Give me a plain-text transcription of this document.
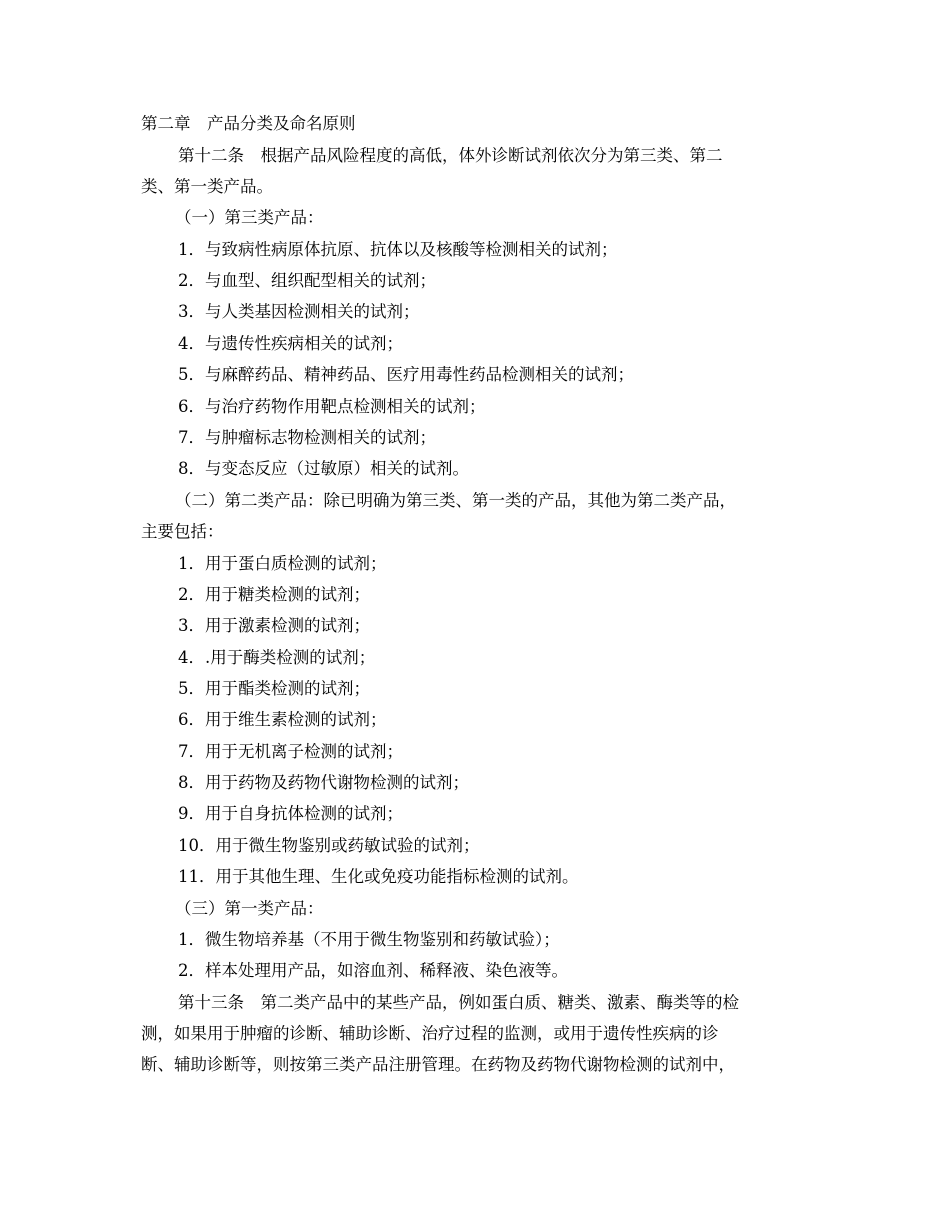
第二章　产品分类及命名原则
第十二条　根据产品风险程度的高低，体外诊断试剂依次分为第三类、第二
类、第一类产品。
（一）第三类产品：
1．与致病性病原体抗原、抗体以及核酸等检测相关的试剂；
2．与血型、组织配型相关的试剂；
3．与人类基因检测相关的试剂；
4．与遗传性疾病相关的试剂；
5．与麻醉药品、精神药品、医疗用毒性药品检测相关的试剂；
6．与治疗药物作用靶点检测相关的试剂；
7．与肿瘤标志物检测相关的试剂；
8．与变态反应（过敏原）相关的试剂。
（二）第二类产品：除已明确为第三类、第一类的产品，其他为第二类产品，
主要包括：
1．用于蛋白质检测的试剂；
2．用于糖类检测的试剂；
3．用于激素检测的试剂；
4．.用于酶类检测的试剂；
5．用于酯类检测的试剂；
6．用于维生素检测的试剂；
7．用于无机离子检测的试剂；
8．用于药物及药物代谢物检测的试剂；
9．用于自身抗体检测的试剂；
10．用于微生物鉴别或药敏试验的试剂；
11．用于其他生理、生化或免疫功能指标检测的试剂。
（三）第一类产品：
1．微生物培养基（不用于微生物鉴别和药敏试验）；
2．样本处理用产品，如溶血剂、稀释液、染色液等。
第十三条　第二类产品中的某些产品，例如蛋白质、糖类、激素、酶类等的检
测，如果用于肿瘤的诊断、辅助诊断、治疗过程的监测，或用于遗传性疾病的诊
断、辅助诊断等，则按第三类产品注册管理。在药物及药物代谢物检测的试剂中，
